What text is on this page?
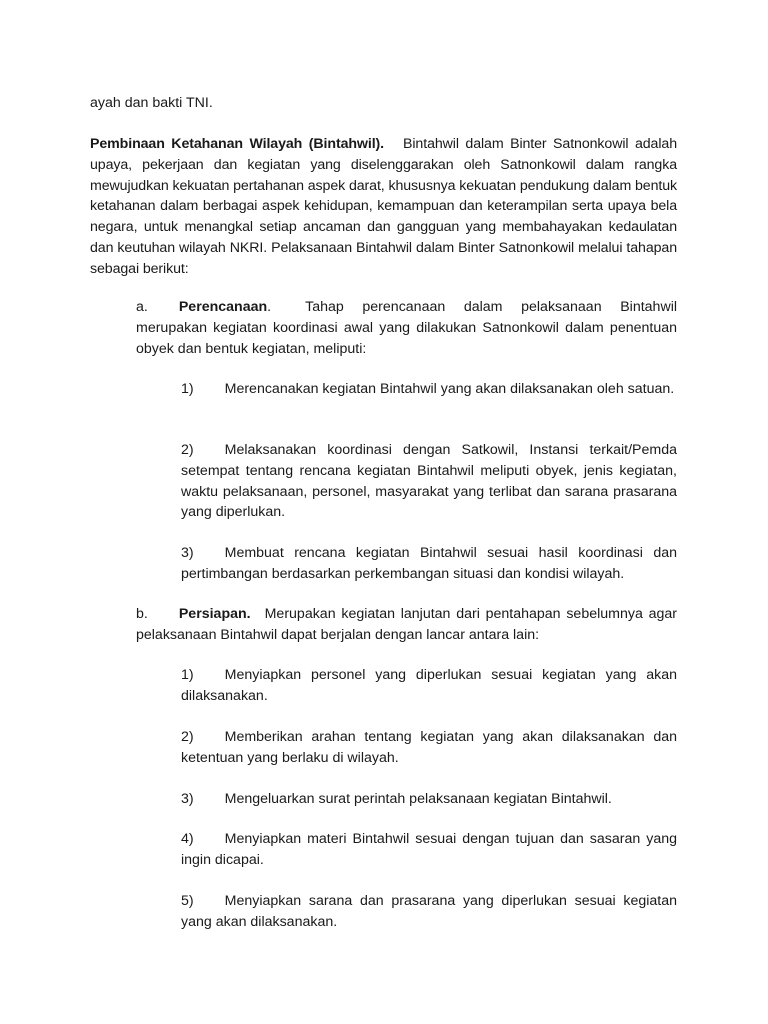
ayah dan bakti TNI.

Pembinaan Ketahanan Wilayah (Bintahwil). Bintahwil dalam Binter Satnonkowil adalah upaya, pekerjaan dan kegiatan yang diselenggarakan oleh Satnonkowil dalam rangka mewujudkan kekuatan pertahanan aspek darat, khususnya kekuatan pendukung dalam bentuk ketahanan dalam berbagai aspek kehidupan, kemampuan dan keterampilan serta upaya bela negara, untuk menangkal setiap ancaman dan gangguan yang membahayakan kedaulatan dan keutuhan wilayah NKRI. Pelaksanaan Bintahwil dalam Binter Satnonkowil melalui tahapan sebagai berikut:

a. Perencanaan. Tahap perencanaan dalam pelaksanaan Bintahwil merupakan kegiatan koordinasi awal yang dilakukan Satnonkowil dalam penentuan obyek dan bentuk kegiatan, meliputi:

1) Merencanakan kegiatan Bintahwil yang akan dilaksanakan oleh satuan.

2) Melaksanakan koordinasi dengan Satkowil, Instansi terkait/Pemda setempat tentang rencana kegiatan Bintahwil meliputi obyek, jenis kegiatan, waktu pelaksanaan, personel, masyarakat yang terlibat dan sarana prasarana yang diperlukan.

3) Membuat rencana kegiatan Bintahwil sesuai hasil koordinasi dan pertimbangan berdasarkan perkembangan situasi dan kondisi wilayah.

b. Persiapan. Merupakan kegiatan lanjutan dari pentahapan sebelumnya agar pelaksanaan Bintahwil dapat berjalan dengan lancar antara lain:

1) Menyiapkan personel yang diperlukan sesuai kegiatan yang akan dilaksanakan.

2) Memberikan arahan tentang kegiatan yang akan dilaksanakan dan ketentuan yang berlaku di wilayah.

3) Mengeluarkan surat perintah pelaksanaan kegiatan Bintahwil.

4) Menyiapkan materi Bintahwil sesuai dengan tujuan dan sasaran yang ingin dicapai.

5) Menyiapkan sarana dan prasarana yang diperlukan sesuai kegiatan yang akan dilaksanakan.
